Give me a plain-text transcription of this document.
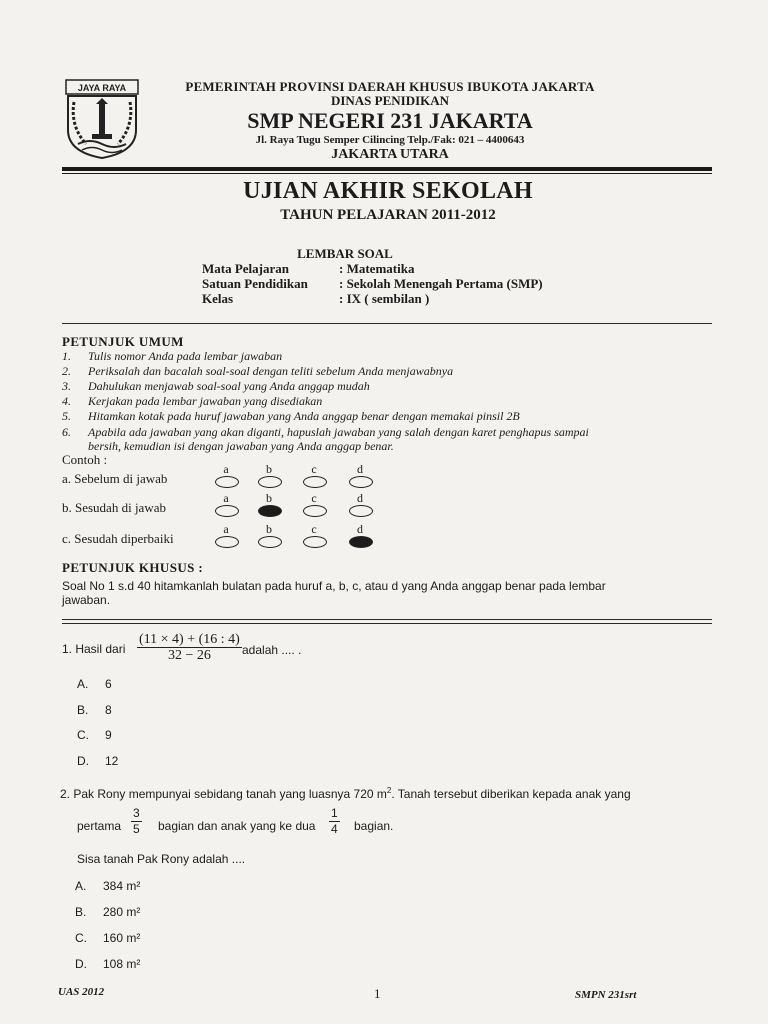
JAYA RAYA	PEMERINTAH PROVINSI DAERAH KHUSUS IBUKOTA JAKARTA
DINAS PENIDIKAN
SMP NEGERI 231 JAKARTA
Jl. Raya Tugu Semper Cilincing Telp./Fak: 021 – 4400643
JAKARTA UTARA
UJIAN AKHIR SEKOLAH
TAHUN PELAJARAN 2011-2012
LEMBAR SOAL
Mata Pelajaran	: Matematika
Satuan Pendidikan : Sekolah Menengah Pertama (SMP)
Kelas	: IX ( sembilan )
PETUNJUK UMUM
1. Tulis nomor Anda pada lembar jawaban
2. Periksalah dan bacalah soal-soal dengan teliti sebelum Anda menjawabnya
3. Dahulukan menjawab soal-soal yang Anda anggap mudah
4. Kerjakan pada lembar jawaban yang disediakan
5. Hitamkan kotak pada huruf jawaban yang Anda anggap benar dengan memakai pinsil 2B
6. Apabila ada jawaban yang akan diganti, hapuslah jawaban yang salah dengan karet penghapus sampai
bersih, kemudian isi dengan jawaban yang Anda anggap benar.
Contoh :
a. Sebelum di jawab
a	b	c	d
b. Sesudah di jawab
a	b	c	d
c. Sesudah diperbaiki
a	b	c	d
PETUNJUK KHUSUS :
Soal No 1 s.d 40 hitamkanlah bulatan pada huruf a, b, c, atau d yang Anda anggap benar pada lembar
jawaban.
1. Hasil dari $\frac{(11 \times 4) + (16 : 4)}{32 - 26}$ adalah .... .
A. 6
B. 8
C. 9
D. 12
2. Pak Rony mempunyai sebidang tanah yang luasnya 720 $m^2$. Tanah tersebut diberikan kepada anak yang
pertama $\frac{3}{5}$ bagian dan anak yang ke dua $\frac{1}{4}$ bagian.
Sisa tanah Pak Rony adalah ....
A. 384 m²
B. 280 m²
C. 160 m²
D. 108 m²
UAS 2012	1	SMPN 231srt
